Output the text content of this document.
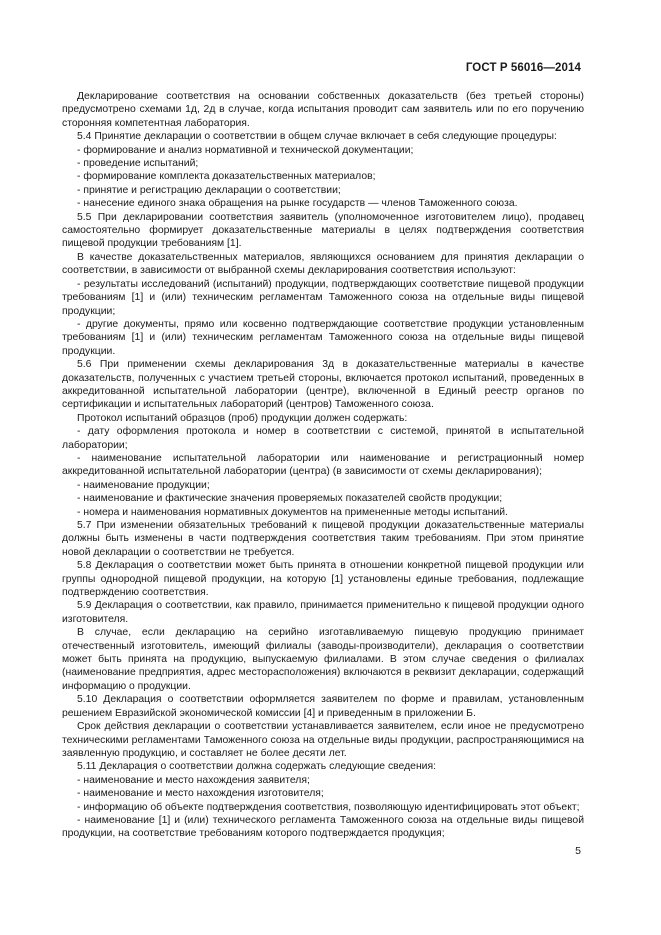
ГОСТ Р 56016—2014

Декларирование соответствия на основании собственных доказательств (без третьей стороны) предусмотрено схемами 1д, 2д в случае, когда испытания проводит сам заявитель или по его поручению сторонняя компетентная лаборатория.

5.4 Принятие декларации о соответствии в общем случае включает в себя следующие процедуры:

- формирование и анализ нормативной и технической документации;

- проведение испытаний;

- формирование комплекта доказательственных материалов;

- принятие и регистрацию декларации о соответствии;

- нанесение единого знака обращения на рынке государств — членов Таможенного союза.

5.5 При декларировании соответствия заявитель (уполномоченное изготовителем лицо), продавец самостоятельно формирует доказательственные материалы в целях подтверждения соответствия пищевой продукции требованиям [1].

В качестве доказательственных материалов, являющихся основанием для принятия декларации о соответствии, в зависимости от выбранной схемы декларирования соответствия используют:

- результаты исследований (испытаний) продукции, подтверждающих соответствие пищевой продукции требованиям [1] и (или) техническим регламентам Таможенного союза на отдельные виды пищевой продукции;

- другие документы, прямо или косвенно подтверждающие соответствие продукции установленным требованиям [1] и (или) техническим регламентам Таможенного союза на отдельные виды пищевой продукции.

5.6 При применении схемы декларирования 3д в доказательственные материалы в качестве доказательств, полученных с участием третьей стороны, включается протокол испытаний, проведенных в аккредитованной испытательной лаборатории (центре), включенной в Единый реестр органов по сертификации и испытательных лабораторий (центров) Таможенного союза.

Протокол испытаний образцов (проб) продукции должен содержать:

- дату оформления протокола и номер в соответствии с системой, принятой в испытательной лаборатории;

- наименование испытательной лаборатории или наименование и регистрационный номер аккредитованной испытательной лаборатории (центра) (в зависимости от схемы декларирования);

- наименование продукции;

- наименование и фактические значения проверяемых показателей свойств продукции;

- номера и наименования нормативных документов на примененные методы испытаний.

5.7 При изменении обязательных требований к пищевой продукции доказательственные материалы должны быть изменены в части подтверждения соответствия таким требованиям. При этом принятие новой декларации о соответствии не требуется.

5.8 Декларация о соответствии может быть принята в отношении конкретной пищевой продукции или группы однородной пищевой продукции, на которую [1] установлены единые требования, подлежащие подтверждению соответствия.

5.9 Декларация о соответствии, как правило, принимается применительно к пищевой продукции одного изготовителя.

В случае, если декларацию на серийно изготавливаемую пищевую продукцию принимает отечественный изготовитель, имеющий филиалы (заводы-производители), декларация о соответствии может быть принята на продукцию, выпускаемую филиалами. В этом случае сведения о филиалах (наименование предприятия, адрес месторасположения) включаются в реквизит декларации, содержащий информацию о продукции.

5.10 Декларация о соответствии оформляется заявителем по форме и правилам, установленным решением Евразийской экономической комиссии [4] и приведенным в приложении Б.

Срок действия декларации о соответствии устанавливается заявителем, если иное не предусмотрено техническими регламентами Таможенного союза на отдельные виды продукции, распространяющимися на заявленную продукцию, и составляет не более десяти лет.

5.11 Декларация о соответствии должна содержать следующие сведения:

- наименование и место нахождения заявителя;

- наименование и место нахождения изготовителя;

- информацию об объекте подтверждения соответствия, позволяющую идентифицировать этот объект;

- наименование [1] и (или) технического регламента Таможенного союза на отдельные виды пищевой продукции, на соответствие требованиям которого подтверждается продукция;

5
